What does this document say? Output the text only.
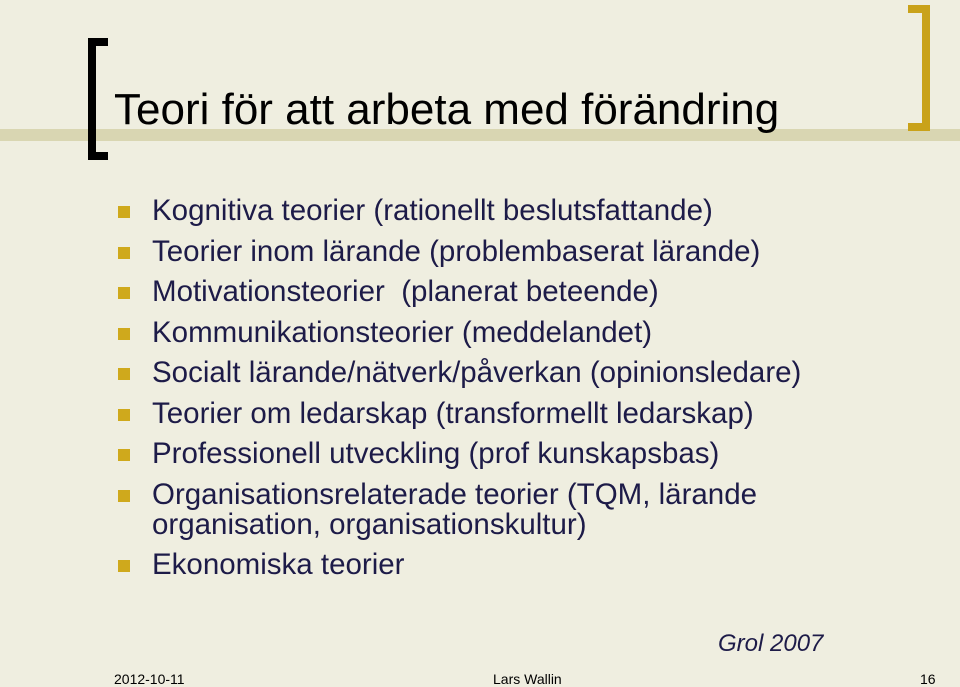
Teori för att arbeta med förändring
Kognitiva teorier (rationellt beslutsfattande)
Teorier inom lärande (problembaserat lärande)
Motivationsteorier  (planerat beteende)
Kommunikationsteorier (meddelandet)
Socialt lärande/nätverk/påverkan (opinionsledare)
Teorier om ledarskap (transformellt ledarskap)
Professionell utveckling (prof kunskapsbas)
Organisationsrelaterade teorier (TQM, lärande organisation, organisationskultur)
Ekonomiska teorier
Grol 2007
2012-10-11	Lars Wallin	16
